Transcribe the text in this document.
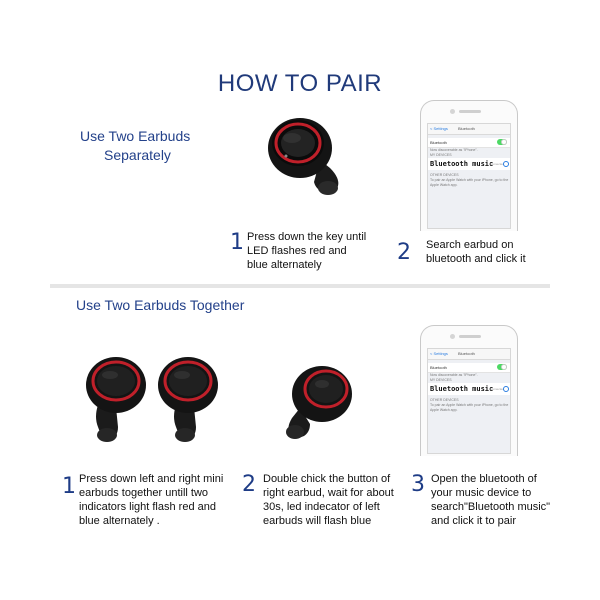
HOW TO PAIR
Use Two Earbuds
Separately
< Settings	Bluetooth
Bluetooth
Now discoverable as "iPhone".
MY DEVICES
Bluetooth music
Connected
OTHER DEVICES
To pair an Apple Watch with your iPhone, go to the Apple Watch app.
1 Press down the key until
LED flashes red and
blue alternately	2 Search earbud on
bluetooth and click it
Use Two Earbuds Together
< Settings	Bluetooth
Bluetooth
Now discoverable as "iPhone".
MY DEVICES
Bluetooth music
Connected
OTHER DEVICES
To pair an Apple Watch with your iPhone, go to the Apple Watch app.
1 Press down left and right mini
earbuds together untill two
indicators light flash red and
blue alternately .
2 Double chick the button of
right earbud, wait for about
30s, led indecator of left
earbuds will flash blue
3 Open the bluetooth of
your music device to
search"Bluetooth music"
and click it to pair
